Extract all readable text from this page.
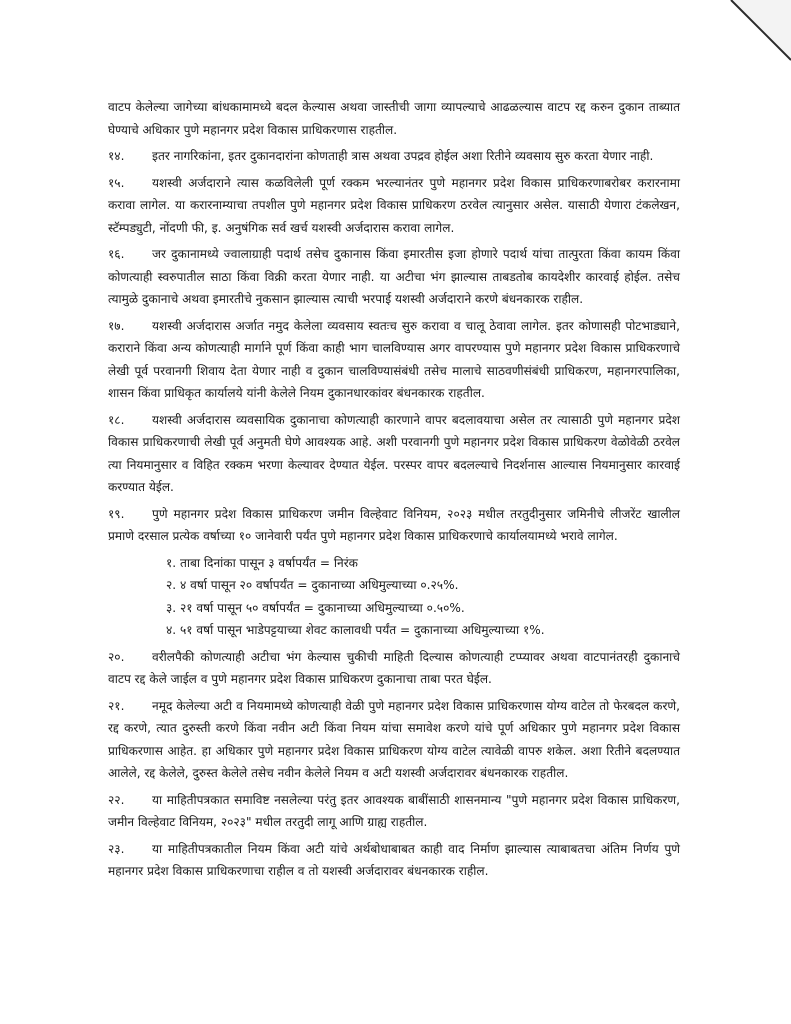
वाटप केलेल्या जागेच्या बांधकामामध्ये बदल केल्यास अथवा जास्तीची जागा व्यापल्याचे आढळल्यास वाटप रद्द करुन दुकान ताब्यात घेण्याचे अधिकार पुणे महानगर प्रदेश विकास प्राधिकरणास राहतील.

१४. इतर नागरिकांना, इतर दुकानदारांना कोणताही त्रास अथवा उपद्रव होईल अशा रितीने व्यवसाय सुरु करता येणार नाही.

१५. यशस्वी अर्जदाराने त्यास कळविलेली पूर्ण रक्कम भरल्यानंतर पुणे महानगर प्रदेश विकास प्राधिकरणाबरोबर करारनामा करावा लागेल. या करारनाम्याचा तपशील पुणे महानगर प्रदेश विकास प्राधिकरण ठरवेल त्यानुसार असेल. यासाठी येणारा टंकलेखन, स्टॅम्पड्युटी, नोंदणी फी, इ. अनुषंगिक सर्व खर्च यशस्वी अर्जदारास करावा लागेल.

१६. जर दुकानामध्ये ज्वालाग्राही पदार्थ तसेच दुकानास किंवा इमारतीस इजा होणारे पदार्थ यांचा तात्पुरता किंवा कायम किंवा कोणत्याही स्वरुपातील साठा किंवा विक्री करता येणार नाही. या अटीचा भंग झाल्यास ताबडतोब कायदेशीर कारवाई होईल. तसेच त्यामुळे दुकानाचे अथवा इमारतीचे नुकसान झाल्यास त्याची भरपाई यशस्वी अर्जदाराने करणे बंधनकारक राहील.

१७. यशस्वी अर्जदारास अर्जात नमुद केलेला व्यवसाय स्वतःच सुरु करावा व चालू ठेवावा लागेल. इतर कोणासही पोटभाड्याने, कराराने किंवा अन्य कोणत्याही मार्गाने पूर्ण किंवा काही भाग चालविण्यास अगर वापरण्यास पुणे महानगर प्रदेश विकास प्राधिकरणाचे लेखी पूर्व परवानगी शिवाय देता येणार नाही व दुकान चालविण्यासंबंधी तसेच मालाचे साठवणीसंबंधी प्राधिकरण, महानगरपालिका, शासन किंवा प्राधिकृत कार्यालये यांनी केलेले नियम दुकानधारकांवर बंधनकारक राहतील.

१८. यशस्वी अर्जदारास व्यवसायिक दुकानाचा कोणत्याही कारणाने वापर बदलावयाचा असेल तर त्यासाठी पुणे महानगर प्रदेश विकास प्राधिकरणाची लेखी पूर्व अनुमती घेणे आवश्यक आहे. अशी परवानगी पुणे महानगर प्रदेश विकास प्राधिकरण वेळोवेळी ठरवेल त्या नियमानुसार व विहित रक्कम भरणा केल्यावर देण्यात येईल. परस्पर वापर बदलल्याचे निदर्शनास आल्यास नियमानुसार कारवाई करण्यात येईल.

१९. पुणे महानगर प्रदेश विकास प्राधिकरण जमीन विल्हेवाट विनियम, २०२३ मधील तरतुदीनुसार जमिनीचे लीजरेंट खालील प्रमाणे दरसाल प्रत्येक वर्षाच्या १० जानेवारी पर्यंत पुणे महानगर प्रदेश विकास प्राधिकरणाचे कार्यालयामध्ये भरावे लागेल.

१. ताबा दिनांका पासून ३ वर्षापर्यंत = निरंक
२. ४ वर्षा पासून २० वर्षापर्यंत = दुकानाच्या अधिमुल्याच्या ०.२५%.
३. २१ वर्षा पासून ५० वर्षापर्यंत = दुकानाच्या अधिमुल्याच्या ०.५०%.
४. ५१ वर्षा पासून भाडेपट्टयाच्या शेवट कालावधी पर्यंत = दुकानाच्या अधिमुल्याच्या १%.

२०. वरीलपैकी कोणत्याही अटीचा भंग केल्यास चुकीची माहिती दिल्यास कोणत्याही टप्प्यावर अथवा वाटपानंतरही दुकानाचे वाटप रद्द केले जाईल व पुणे महानगर प्रदेश विकास प्राधिकरण दुकानाचा ताबा परत घेईल.

२१. नमूद केलेल्या अटी व नियमामध्ये कोणत्याही वेळी पुणे महानगर प्रदेश विकास प्राधिकरणास योग्य वाटेल तो फेरबदल करणे, रद्द करणे, त्यात दुरुस्ती करणे किंवा नवीन अटी किंवा नियम यांचा समावेश करणे यांचे पूर्ण अधिकार पुणे महानगर प्रदेश विकास प्राधिकरणास आहेत. हा अधिकार पुणे महानगर प्रदेश विकास प्राधिकरण योग्य वाटेल त्यावेळी वापरु शकेल. अशा रितीने बदलण्यात आलेले, रद्द केलेले, दुरुस्त केलेले तसेच नवीन केलेले नियम व अटी यशस्वी अर्जदारावर बंधनकारक राहतील.

२२. या माहितीपत्रकात समाविष्ट नसलेल्या परंतु इतर आवश्यक बाबींसाठी शासनमान्य "पुणे महानगर प्रदेश विकास प्राधिकरण, जमीन विल्हेवाट विनियम, २०२३" मधील तरतुदी लागू आणि ग्राह्य राहतील.

२३. या माहितीपत्रकातील नियम किंवा अटी यांचे अर्थबोधाबाबत काही वाद निर्माण झाल्यास त्याबाबतचा अंतिम निर्णय पुणे महानगर प्रदेश विकास प्राधिकरणाचा राहील व तो यशस्वी अर्जदारावर बंधनकारक राहील.
